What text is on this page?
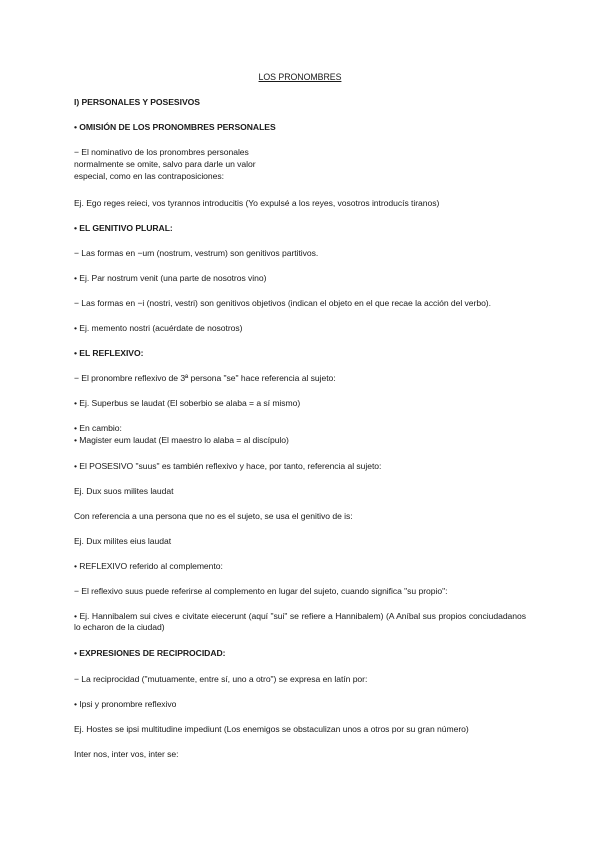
LOS PRONOMBRES
I) PERSONALES Y POSESIVOS
• OMISIÓN DE LOS PRONOMBRES PERSONALES
− El nominativo de los pronombres personales
normalmente se omite, salvo para darle un valor
especial, como en las contraposiciones:
Ej. Ego reges reieci, vos tyrannos introducitis (Yo expulsé a los reyes, vosotros introducís tiranos)
• EL GENITIVO PLURAL:
− Las formas en −um (nostrum, vestrum) son genitivos partitivos.
• Ej. Par nostrum venit (una parte de nosotros vino)
− Las formas en −i (nostri, vestri) son genitivos objetivos (indican el objeto en el que recae la acción del verbo).
• Ej. memento nostri (acuérdate de nosotros)
• EL REFLEXIVO:
− El pronombre reflexivo de 3ª persona "se" hace referencia al sujeto:
• Ej. Superbus se laudat (El soberbio se alaba = a sí mismo)
• En cambio:
• Magister eum laudat (El maestro lo alaba = al discípulo)
• El POSESIVO "suus" es también reflexivo y hace, por tanto, referencia al sujeto:
Ej. Dux suos milites laudat
Con referencia a una persona que no es el sujeto, se usa el genitivo de is:
Ej. Dux milites eius laudat
• REFLEXIVO referido al complemento:
− El reflexivo suus puede referirse al complemento en lugar del sujeto, cuando significa "su propio":
• Ej. Hannibalem sui cives e civitate eiecerunt (aquí "sui" se refiere a Hannibalem) (A Aníbal sus propios conciudadanos lo echaron de la ciudad)
• EXPRESIONES DE RECIPROCIDAD:
− La reciprocidad ("mutuamente, entre sí, uno a otro") se expresa en latín por:
• Ipsi y pronombre reflexivo
Ej. Hostes se ipsi multitudine impediunt (Los enemigos se obstaculizan unos a otros por su gran número)
Inter nos, inter vos, inter se:
